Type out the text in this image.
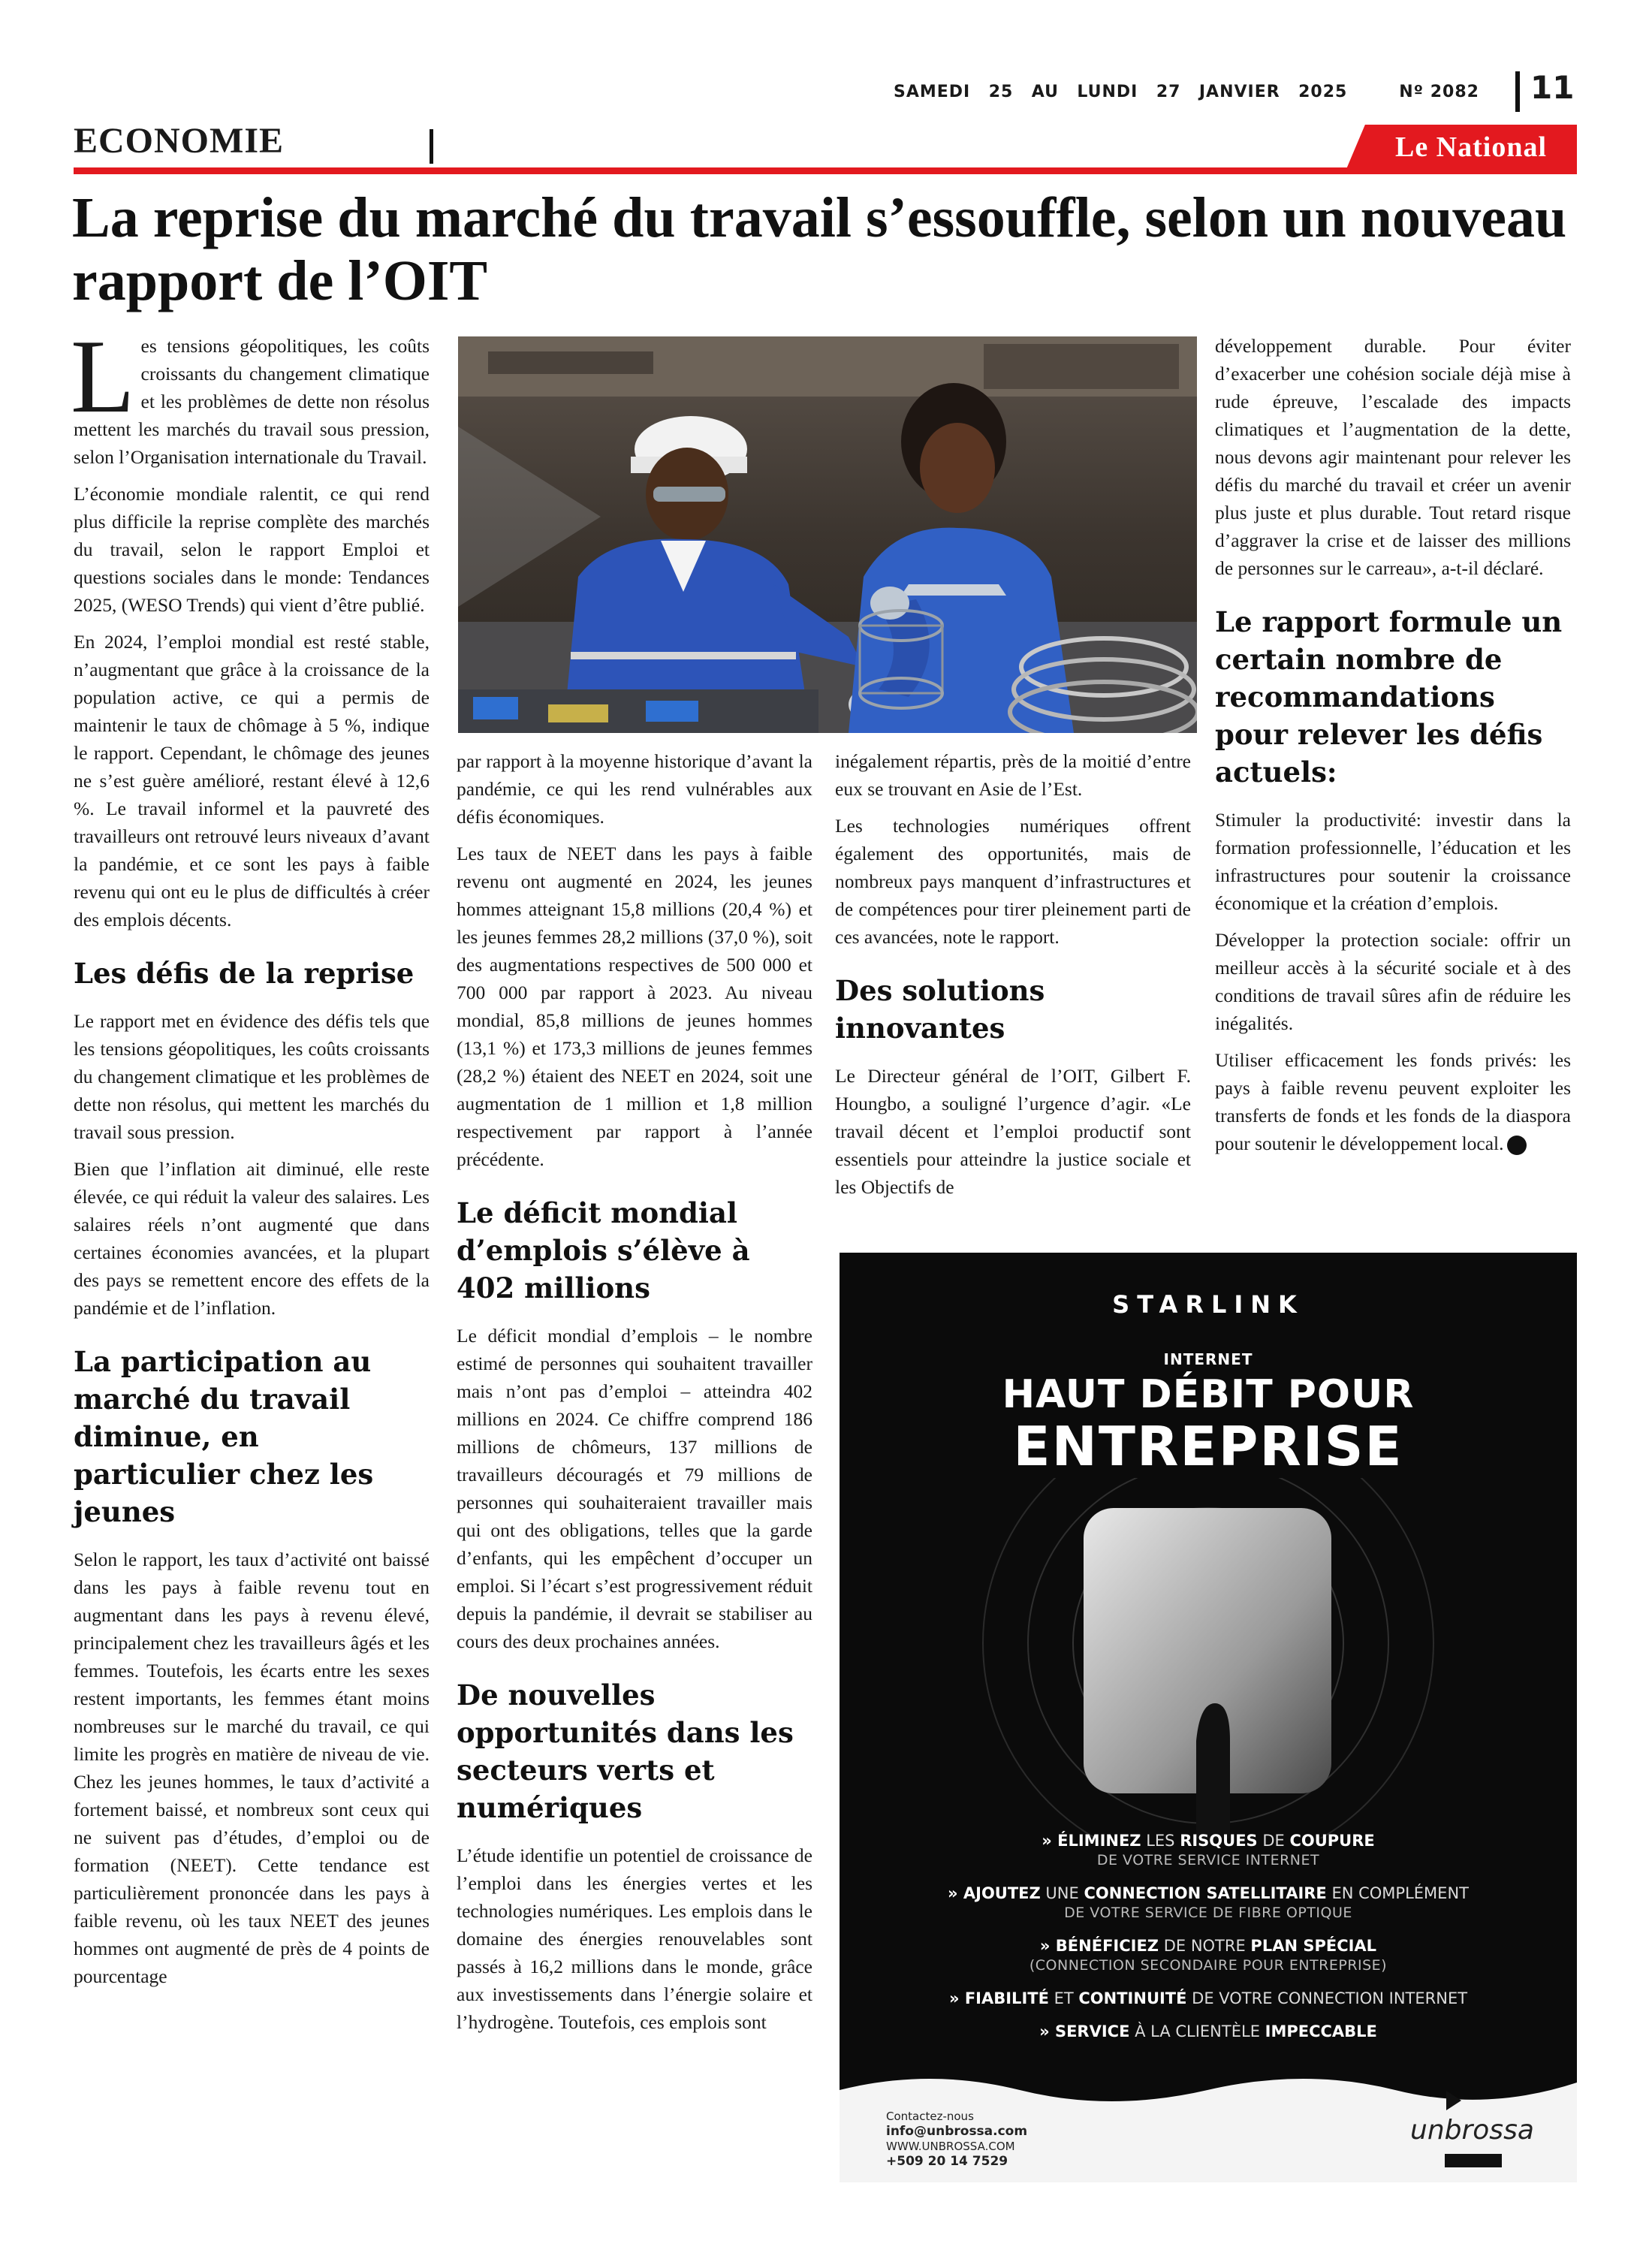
SAMEDI 25 AU LUNDI 27 JANVIER 2025	Nº 2082 11
ECONOMIE	Le National
La reprise du marché du travail s’essouffle, selon un nouveau rapport de l’OIT

Les tensions géopolitiques, les coûts croissants du changement climatique et les problèmes de dette non résolus mettent les marchés du travail sous pression, selon l’Organisation internationale du Travail.

L’économie mondiale ralentit, ce qui rend plus difficile la reprise complète des marchés du travail, selon le rapport Emploi et questions sociales dans le monde: Tendances 2025, (WESO Trends) qui vient d’être publié.

En 2024, l’emploi mondial est resté stable, n’augmentant que grâce à la croissance de la population active, ce qui a permis de maintenir le taux de chômage à 5 %, indique le rapport. Cependant, le chômage des jeunes ne s’est guère amélioré, restant élevé à 12,6 %. Le travail informel et la pauvreté des travailleurs ont retrouvé leurs niveaux d’avant la pandémie, et ce sont les pays à faible revenu qui ont eu le plus de difficultés à créer des emplois décents.

Les défis de la reprise

Le rapport met en évidence des défis tels que les tensions géopolitiques, les coûts croissants du changement climatique et les problèmes de dette non résolus, qui mettent les marchés du travail sous pression.

Bien que l’inflation ait diminué, elle reste élevée, ce qui réduit la valeur des salaires. Les salaires réels n’ont augmenté que dans certaines économies avancées, et la plupart des pays se remettent encore des effets de la pandémie et de l’inflation.

La participation au marché du travail diminue, en particulier chez les jeunes

Selon le rapport, les taux d’activité ont baissé dans les pays à faible revenu tout en augmentant dans les pays à revenu élevé, principalement chez les travailleurs âgés et les femmes. Toutefois, les écarts entre les sexes restent importants, les femmes étant moins nombreuses sur le marché du travail, ce qui limite les progrès en matière de niveau de vie. Chez les jeunes hommes, le taux d’activité a fortement baissé, et nombreux sont ceux qui ne suivent pas d’études, d’emploi ou de formation (NEET). Cette tendance est particulièrement prononcée dans les pays à faible revenu, où les taux NEET des jeunes hommes ont augmenté de près de 4 points de pourcentage

par rapport à la moyenne historique d’avant la pandémie, ce qui les rend vulnérables aux défis économiques.

Les taux de NEET dans les pays à faible revenu ont augmenté en 2024, les jeunes hommes atteignant 15,8 millions (20,4 %) et les jeunes femmes 28,2 millions (37,0 %), soit des augmentations respectives de 500 000 et 700 000 par rapport à 2023. Au niveau mondial, 85,8 millions de jeunes hommes (13,1 %) et 173,3 millions de jeunes femmes (28,2 %) étaient des NEET en 2024, soit une augmentation de 1 million et 1,8 million respectivement par rapport à l’année précédente.

Le déficit mondial d’emplois s’élève à 402 millions

Le déficit mondial d’emplois – le nombre estimé de personnes qui souhaitent travailler mais n’ont pas d’emploi – atteindra 402 millions en 2024. Ce chiffre comprend 186 millions de chômeurs, 137 millions de travailleurs découragés et 79 millions de personnes qui souhaiteraient travailler mais qui ont des obligations, telles que la garde d’enfants, qui les empêchent d’occuper un emploi. Si l’écart s’est progressivement réduit depuis la pandémie, il devrait se stabiliser au cours des deux prochaines années.

De nouvelles opportunités dans les secteurs verts et numériques

L’étude identifie un potentiel de croissance de l’emploi dans les énergies vertes et les technologies numériques. Les emplois dans le domaine des énergies renouvelables sont passés à 16,2 millions dans le monde, grâce aux investissements dans l’énergie solaire et l’hydrogène. Toutefois, ces emplois sont

inégalement répartis, près de la moitié d’entre eux se trouvant en Asie de l’Est.

Les technologies numériques offrent également des opportunités, mais de nombreux pays manquent d’infrastructures et de compétences pour tirer pleinement parti de ces avancées, note le rapport.

Des solutions innovantes

Le Directeur général de l’OIT, Gilbert F. Houngbo, a souligné l’urgence d’agir. «Le travail décent et l’emploi productif sont essentiels pour atteindre la justice sociale et les Objectifs de

développement durable. Pour éviter d’exacerber une cohésion sociale déjà mise à rude épreuve, l’escalade des impacts climatiques et l’augmentation de la dette, nous devons agir maintenant pour relever les défis du marché du travail et créer un avenir plus juste et plus durable. Tout retard risque d’aggraver la crise et de laisser des millions de personnes sur le carreau», a-t-il déclaré.

Le rapport formule un certain nombre de recommandations pour relever les défis actuels:

Stimuler la productivité: investir dans la formation professionnelle, l’éducation et les infrastructures pour soutenir la croissance économique et la création d’emplois.

Développer la protection sociale: offrir un meilleur accès à la sécurité sociale et à des conditions de travail sûres afin de réduire les inégalités.

Utiliser efficacement les fonds privés: les pays à faible revenu peuvent exploiter les transferts de fonds et les fonds de la diaspora pour soutenir le développement local.

STARLINK
INTERNET
HAUT DÉBIT POUR
ENTREPRISE
» ÉLIMINEZ LES RISQUES DE COUPURE
DE VOTRE SERVICE INTERNET
» AJOUTEZ UNE CONNECTION SATELLITAIRE EN COMPLÉMENT
DE VOTRE SERVICE DE FIBRE OPTIQUE
» BÉNÉFICIEZ DE NOTRE PLAN SPÉCIAL
(CONNECTION SECONDAIRE POUR ENTREPRISE)
» FIABILITÉ ET CONTINUITÉ DE VOTRE CONNECTION INTERNET
» SERVICE À LA CLIENTÈLE IMPECCABLE
Contactez-nous
info@unbrossa.com
WWW.UNBROSSA.COM
+509 20 14 7529
unbrossa
